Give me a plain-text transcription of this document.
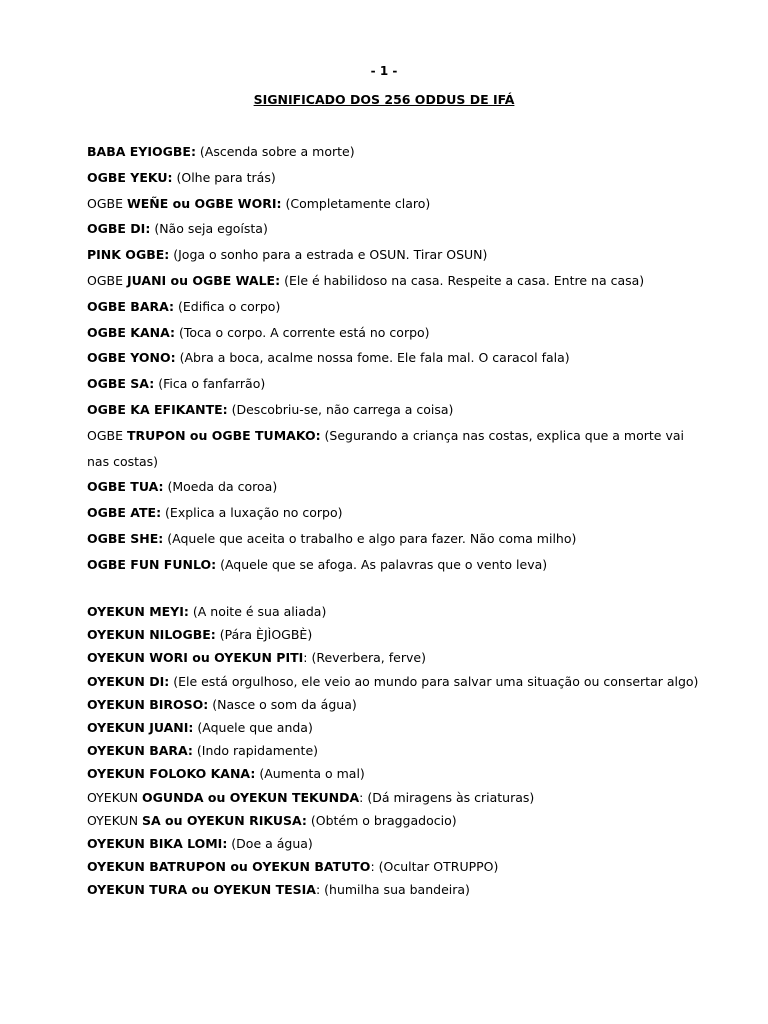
- 1 -
SIGNIFICADO DOS 256 ODDUS DE IFÁ

BABA EYIOGBE: (Ascenda sobre a morte)

OGBE YEKU: (Olhe para trás)

OGBE WEÑE ou OGBE WORI: (Completamente claro)

OGBE DI: (Não seja egoísta)

PINK OGBE: (Joga o sonho para a estrada e OSUN. Tirar OSUN)

OGBE JUANI ou OGBE WALE: (Ele é habilidoso na casa. Respeite a casa. Entre na casa)

OGBE BARA: (Edifica o corpo)

OGBE KANA: (Toca o corpo. A corrente está no corpo)

OGBE YONO: (Abra a boca, acalme nossa fome. Ele fala mal. O caracol fala)

OGBE SA: (Fica o fanfarrão)

OGBE KA EFIKANTE: (Descobriu-se, não carrega a coisa)

OGBE TRUPON ou OGBE TUMAKO: (Segurando a criança nas costas, explica que a morte vai nas costas)

OGBE TUA: (Moeda da coroa)

OGBE ATE: (Explica a luxação no corpo)

OGBE SHE: (Aquele que aceita o trabalho e algo para fazer. Não coma milho)

OGBE FUN FUNLO: (Aquele que se afoga. As palavras que o vento leva)

OYEKUN MEYI: (A noite é sua aliada)

OYEKUN NILOGBE: (Pára ÈJÌOGBÈ)

OYEKUN WORI ou OYEKUN PITI: (Reverbera, ferve)

OYEKUN DI: (Ele está orgulhoso, ele veio ao mundo para salvar uma situação ou consertar algo)

OYEKUN BIROSO: (Nasce o som da água)

OYEKUN JUANI: (Aquele que anda)

OYEKUN BARA: (Indo rapidamente)

OYEKUN FOLOKO KANA: (Aumenta o mal)

OYEKUN OGUNDA ou OYEKUN TEKUNDA: (Dá miragens às criaturas)

OYEKUN SA ou OYEKUN RIKUSA: (Obtém o braggadocio)

OYEKUN BIKA LOMI: (Doe a água)

OYEKUN BATRUPON ou OYEKUN BATUTO: (Ocultar OTRUPPO)

OYEKUN TURA ou OYEKUN TESIA: (humilha sua bandeira)
